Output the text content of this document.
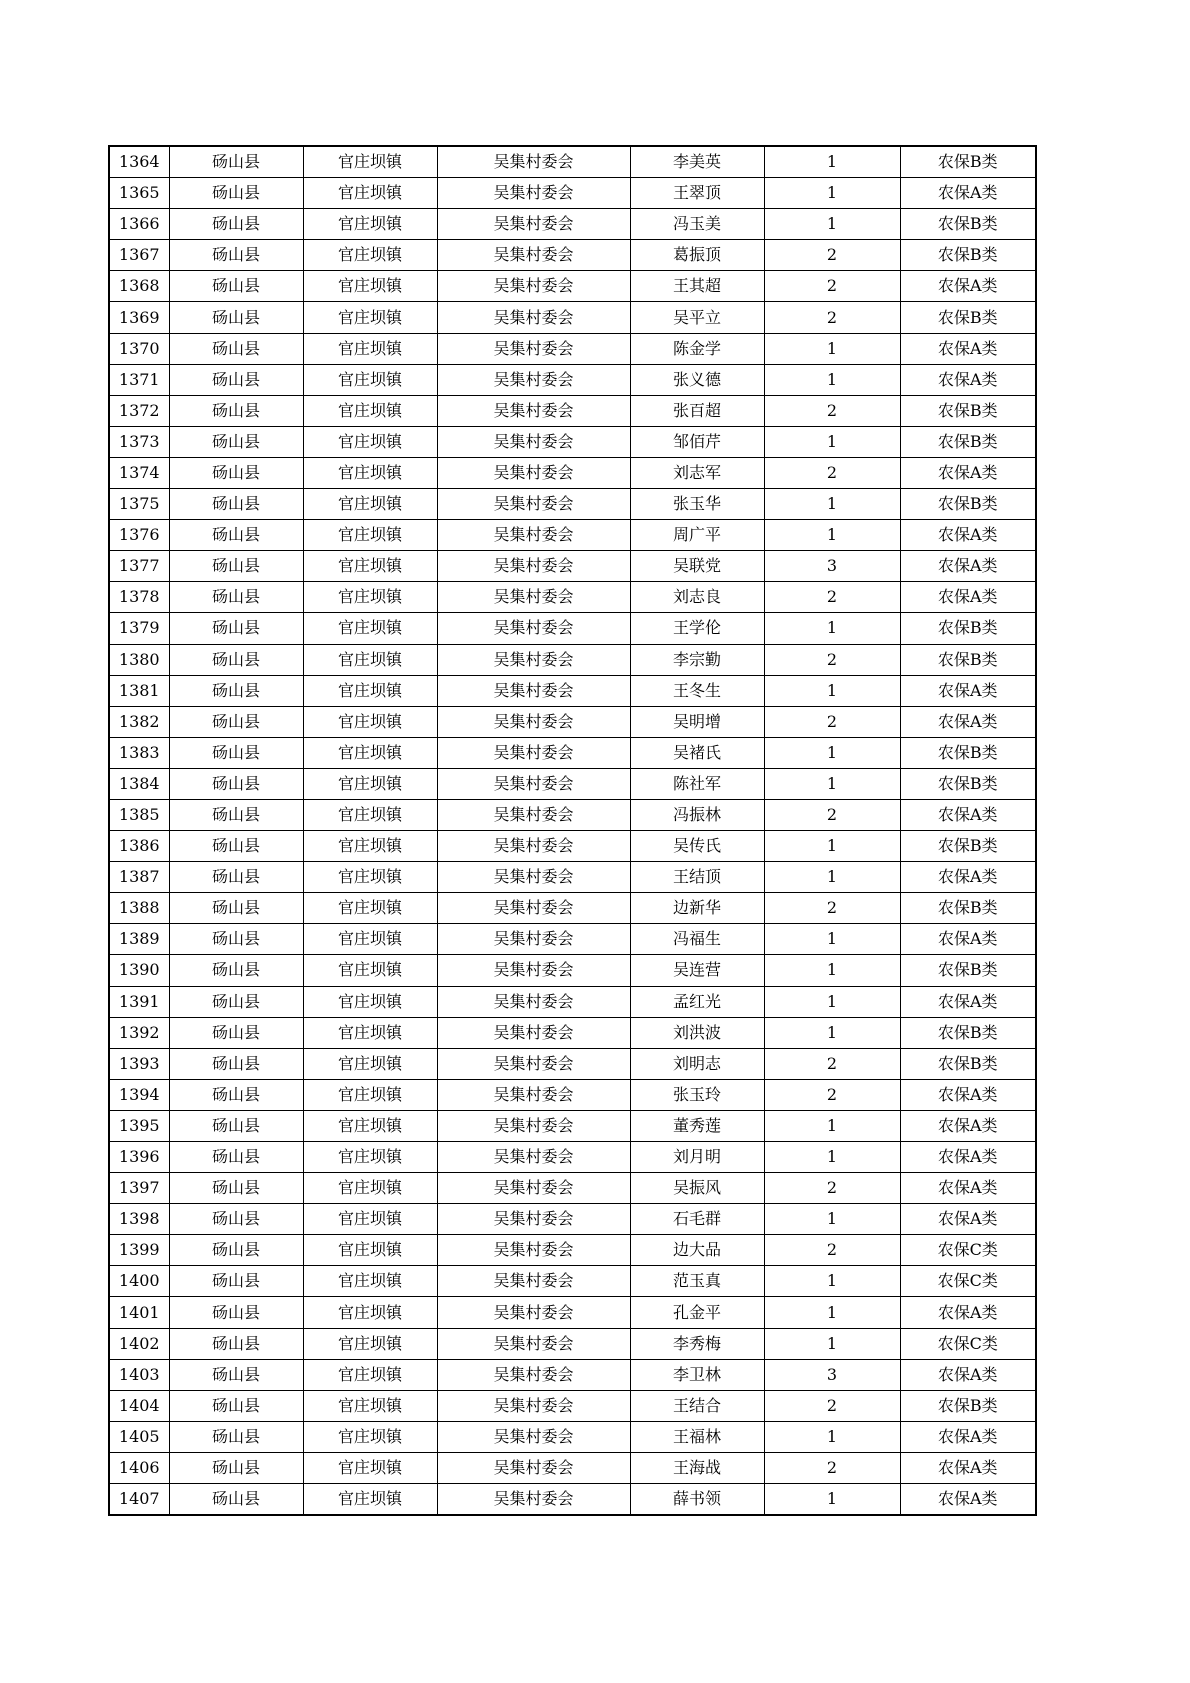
1364	砀山县	官庄坝镇	吴集村委会	李美英	1	农保B类
1365	砀山县	官庄坝镇	吴集村委会	王翠顶	1	农保A类
1366	砀山县	官庄坝镇	吴集村委会	冯玉美	1	农保B类
1367	砀山县	官庄坝镇	吴集村委会	葛振顶	2	农保B类
1368	砀山县	官庄坝镇	吴集村委会	王其超	2	农保A类
1369	砀山县	官庄坝镇	吴集村委会	吴平立	2	农保B类
1370	砀山县	官庄坝镇	吴集村委会	陈金学	1	农保A类
1371	砀山县	官庄坝镇	吴集村委会	张义德	1	农保A类
1372	砀山县	官庄坝镇	吴集村委会	张百超	2	农保B类
1373	砀山县	官庄坝镇	吴集村委会	邹佰芹	1	农保B类
1374	砀山县	官庄坝镇	吴集村委会	刘志军	2	农保A类
1375	砀山县	官庄坝镇	吴集村委会	张玉华	1	农保B类
1376	砀山县	官庄坝镇	吴集村委会	周广平	1	农保A类
1377	砀山县	官庄坝镇	吴集村委会	吴联党	3	农保A类
1378	砀山县	官庄坝镇	吴集村委会	刘志良	2	农保A类
1379	砀山县	官庄坝镇	吴集村委会	王学伦	1	农保B类
1380	砀山县	官庄坝镇	吴集村委会	李宗勤	2	农保B类
1381	砀山县	官庄坝镇	吴集村委会	王冬生	1	农保A类
1382	砀山县	官庄坝镇	吴集村委会	吴明增	2	农保A类
1383	砀山县	官庄坝镇	吴集村委会	吴褚氏	1	农保B类
1384	砀山县	官庄坝镇	吴集村委会	陈社军	1	农保B类
1385	砀山县	官庄坝镇	吴集村委会	冯振林	2	农保A类
1386	砀山县	官庄坝镇	吴集村委会	吴传氏	1	农保B类
1387	砀山县	官庄坝镇	吴集村委会	王结顶	1	农保A类
1388	砀山县	官庄坝镇	吴集村委会	边新华	2	农保B类
1389	砀山县	官庄坝镇	吴集村委会	冯福生	1	农保A类
1390	砀山县	官庄坝镇	吴集村委会	吴连营	1	农保B类
1391	砀山县	官庄坝镇	吴集村委会	孟红光	1	农保A类
1392	砀山县	官庄坝镇	吴集村委会	刘洪波	1	农保B类
1393	砀山县	官庄坝镇	吴集村委会	刘明志	2	农保B类
1394	砀山县	官庄坝镇	吴集村委会	张玉玲	2	农保A类
1395	砀山县	官庄坝镇	吴集村委会	董秀莲	1	农保A类
1396	砀山县	官庄坝镇	吴集村委会	刘月明	1	农保A类
1397	砀山县	官庄坝镇	吴集村委会	吴振风	2	农保A类
1398	砀山县	官庄坝镇	吴集村委会	石毛群	1	农保A类
1399	砀山县	官庄坝镇	吴集村委会	边大品	2	农保C类
1400	砀山县	官庄坝镇	吴集村委会	范玉真	1	农保C类
1401	砀山县	官庄坝镇	吴集村委会	孔金平	1	农保A类
1402	砀山县	官庄坝镇	吴集村委会	李秀梅	1	农保C类
1403	砀山县	官庄坝镇	吴集村委会	李卫林	3	农保A类
1404	砀山县	官庄坝镇	吴集村委会	王结合	2	农保B类
1405	砀山县	官庄坝镇	吴集村委会	王福林	1	农保A类
1406	砀山县	官庄坝镇	吴集村委会	王海战	2	农保A类
1407	砀山县	官庄坝镇	吴集村委会	薛书领	1	农保A类
